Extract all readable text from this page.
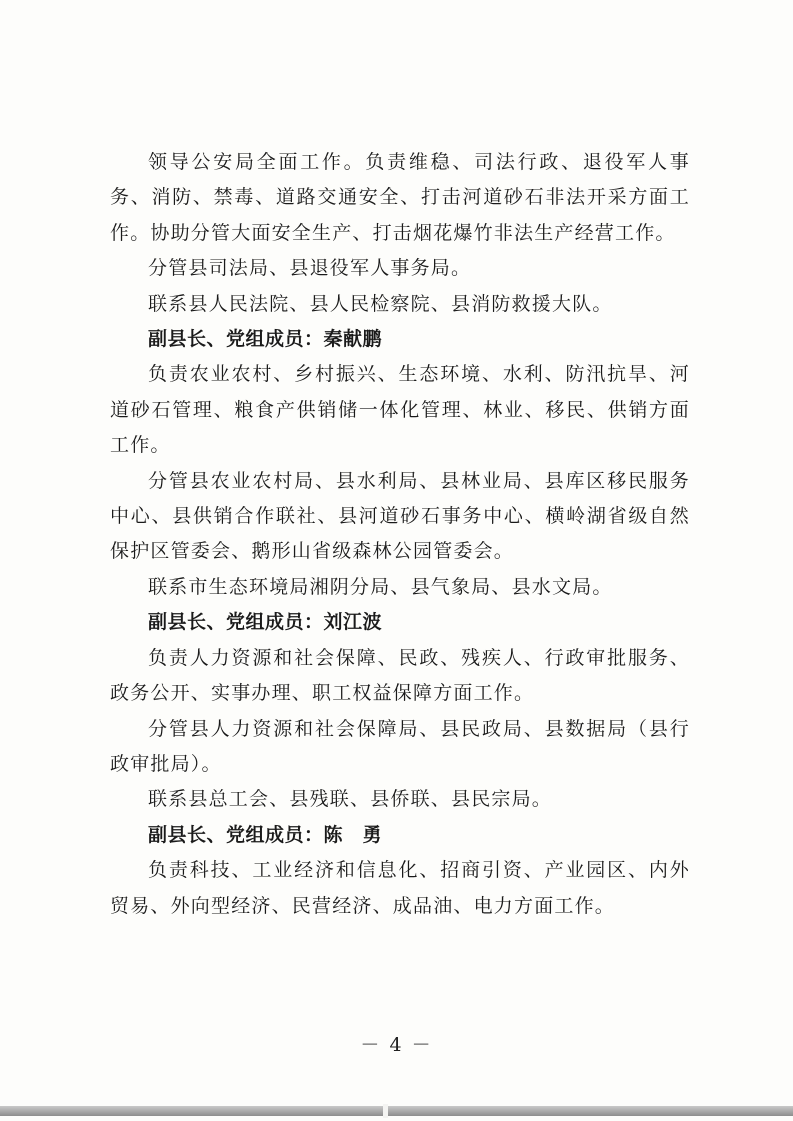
领导公安局全面工作。负责维稳、司法行政、退役军人事务、消防、禁毒、道路交通安全、打击河道砂石非法开采方面工作。协助分管大面安全生产、打击烟花爆竹非法生产经营工作。

分管县司法局、县退役军人事务局。

联系县人民法院、县人民检察院、县消防救援大队。

副县长、党组成员：秦献鹏

负责农业农村、乡村振兴、生态环境、水利、防汛抗旱、河道砂石管理、粮食产供销储一体化管理、林业、移民、供销方面工作。

分管县农业农村局、县水利局、县林业局、县库区移民服务中心、县供销合作联社、县河道砂石事务中心、横岭湖省级自然保护区管委会、鹅形山省级森林公园管委会。

联系市生态环境局湘阴分局、县气象局、县水文局。

副县长、党组成员：刘江波

负责人力资源和社会保障、民政、残疾人、行政审批服务、政务公开、实事办理、职工权益保障方面工作。

分管县人力资源和社会保障局、县民政局、县数据局（县行政审批局）。

联系县总工会、县残联、县侨联、县民宗局。

副县长、党组成员：陈　勇

负责科技、工业经济和信息化、招商引资、产业园区、内外贸易、外向型经济、民营经济、成品油、电力方面工作。

－ 4 －
